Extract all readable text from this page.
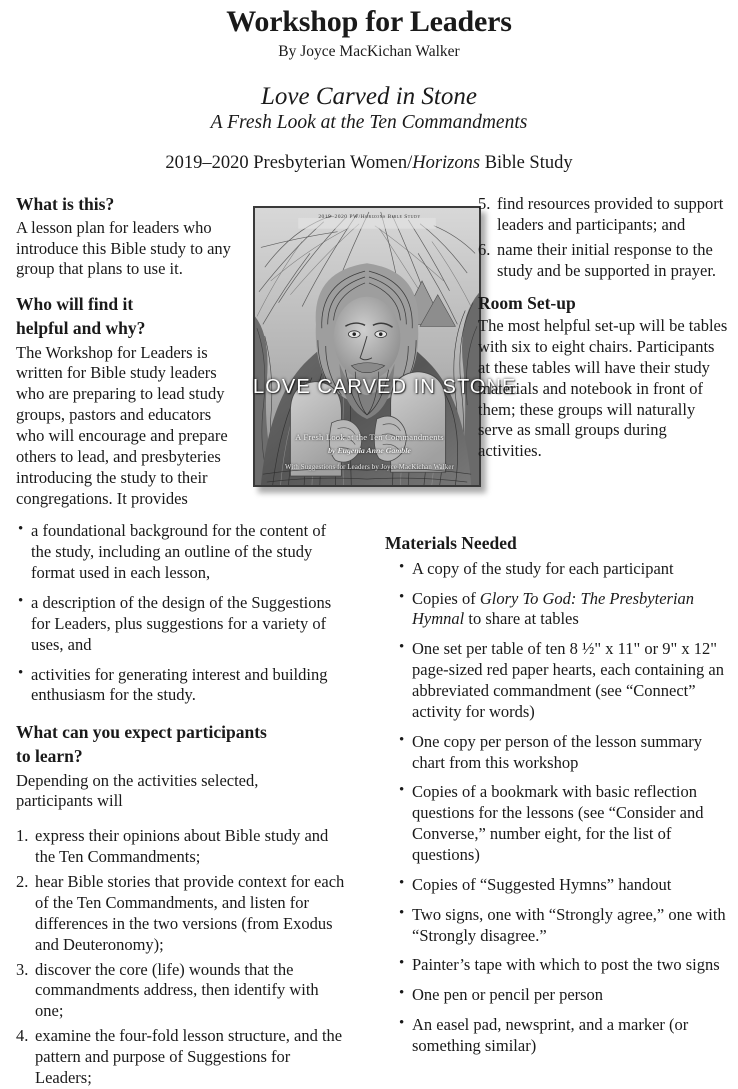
Workshop for Leaders
By Joyce MacKichan Walker
Love Carved in Stone
A Fresh Look at the Ten Commandments
2019–2020 Presbyterian Women/Horizons Bible Study
2019–2020 PW/Horizons Bible Study
LOVE CARVED IN STONE
A Fresh Look at the Ten Commandments
by Eugenia Anne Gamble
With Suggestions for Leaders by Joyce MacKichan Walker
What is this?

A lesson plan for leaders who introduce this Bible study to any group that plans to use it.

Who will find it
helpful and why?

The Workshop for Leaders is written for Bible study leaders who are preparing to lead study groups, pastors and educators who will encourage and prepare others to lead, and presbyteries introducing the study to their congregations. It provides

• a foundational background for the content of the study, including an outline of the study format used in each lesson,
• a description of the design of the Suggestions for Leaders, plus suggestions for a variety of uses, and
• activities for generating interest and building enthusiasm for the study.
What can you expect participants
to learn?

Depending on the activities selected, participants will

express their opinions about Bible study and the Ten Commandments;
hear Bible stories that provide context for each of the Ten Commandments, and listen for differences in the two versions (from Exodus and Deuteronomy);
discover the core (life) wounds that the commandments address, then identify with one;
examine the four-fold lesson structure, and the pattern and purpose of Suggestions for Leaders;
find resources provided to support leaders and participants; and
name their initial response to the study and be supported in prayer.
Room Set-up

The most helpful set-up will be tables with six to eight chairs. Participants at these tables will have their study materials and notebook in front of them; these groups will naturally serve as small groups during activities.

Materials Needed
• A copy of the study for each participant
• Copies of Glory To God: The Presbyterian Hymnal to share at tables
• One set per table of ten 8 ½" x 11" or 9" x 12" page-sized red paper hearts, each containing an abbreviated commandment (see “Connect” activity for words)
• One copy per person of the lesson summary chart from this workshop
• Copies of a bookmark with basic reflection questions for the lessons (see “Consider and Converse,” number eight, for the list of questions)
• Copies of “Suggested Hymns” handout
• Two signs, one with “Strongly agree,” one with “Strongly disagree.”
• Painter’s tape with which to post the two signs
• One pen or pencil per person
• An easel pad, newsprint, and a marker (or something similar)
